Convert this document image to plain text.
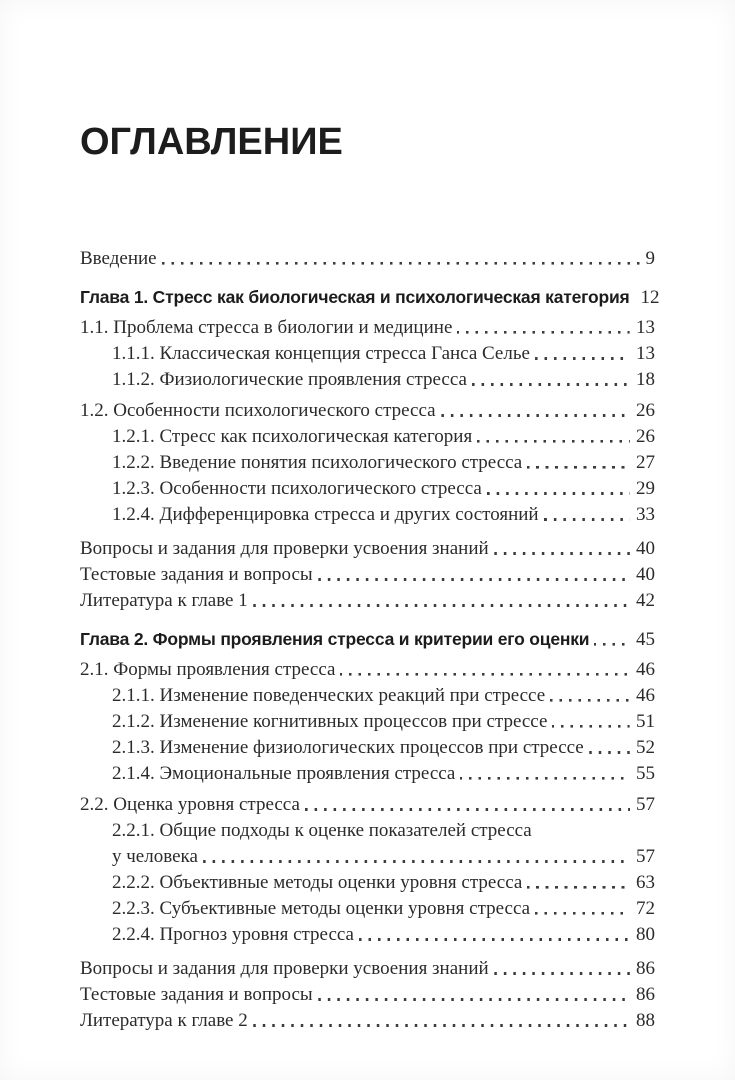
ОГЛАВЛЕНИЕ
Введение	9
Глава 1. Стресс как биологическая и психологическая категория 12
1.1. Проблема стресса в биологии и медицине	13
1.1.1. Классическая концепция стресса Ганса Селье	13
1.1.2. Физиологические проявления стресса	18
1.2. Особенности психологического стресса	26
1.2.1. Стресс как психологическая категория	26
1.2.2. Введение понятия психологического стресса	27
1.2.3. Особенности психологического стресса	29
1.2.4. Дифференцировка стресса и других состояний	33
Вопросы и задания для проверки усвоения знаний	40
Тестовые задания и вопросы	40
Литература к главе 1	42
Глава 2. Формы проявления стресса и критерии его оценки 45
2.1. Формы проявления стресса	46
2.1.1. Изменение поведенческих реакций при стрессе	46
2.1.2. Изменение когнитивных процессов при стрессе	51
2.1.3. Изменение физиологических процессов при стрессе	52
2.1.4. Эмоциональные проявления стресса	55
2.2. Оценка уровня стресса	57
2.2.1. Общие подходы к оценке показателей стресса
у человека	57
2.2.2. Объективные методы оценки уровня стресса	63
2.2.3. Субъективные методы оценки уровня стресса	72
2.2.4. Прогноз уровня стресса	80
Вопросы и задания для проверки усвоения знаний	86
Тестовые задания и вопросы	86
Литература к главе 2	88
